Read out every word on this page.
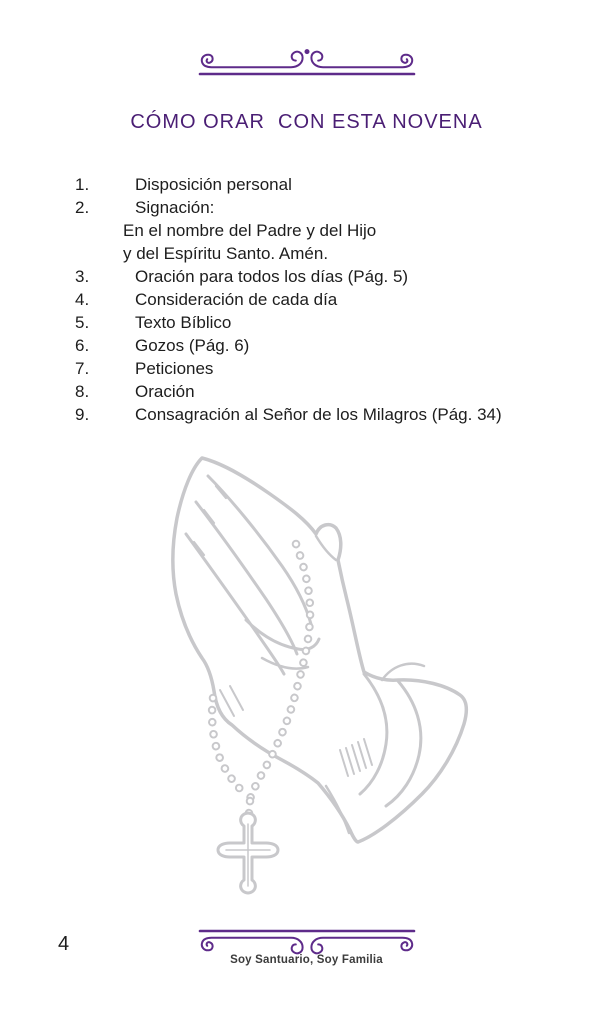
CÓMO ORAR  CON ESTA NOVENA
1.	Disposición personal
2.	Signación:
En el nombre del Padre y del Hijo
y del Espíritu Santo. Amén.
3.	Oración para todos los días (Pág. 5)
4.	Consideración de cada día
5.	Texto Bíblico
6.	Gozos (Pág. 6)
7.	Peticiones
8.	Oración
9.	Consagración al Señor de los Milagros (Pág. 34)
4
Soy Santuario, Soy Familia
